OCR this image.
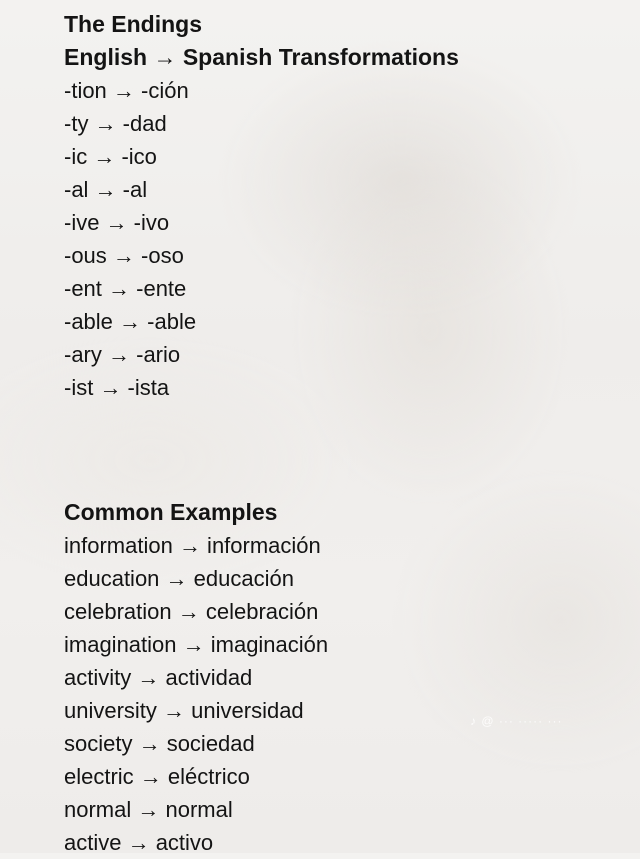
The Endings
English → Spanish Transformations
-tion → -ción
-ty → -dad
-ic → -ico
-al → -al
-ive → -ivo
-ous → -oso
-ent → -ente
-able → -able
-ary → -ario
-ist → -ista
Common Examples
information → información
education → educación
celebration → celebración
imagination → imaginación
activity → actividad
university → universidad
society → sociedad
electric → eléctrico
normal → normal
active → activo
♪ @ ··· ····· ···
